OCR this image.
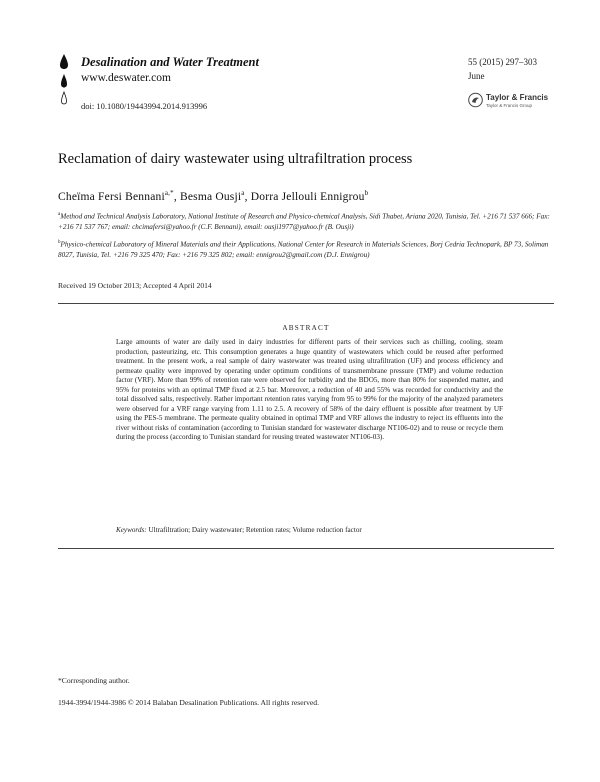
Desalination and Water Treatment
www.deswater.com
doi: 10.1080/19443994.2014.913996
55 (2015) 297–303
June
Taylor & Francis
Taylor & Francis Group
Reclamation of dairy wastewater using ultrafiltration process
Cheïma Fersi Bennani$^{a,*}$, Besma Ousji$^a$, Dorra Jellouli Ennigrou$^b$
$^a$Method and Technical Analysis Laboratory, National Institute of Research and Physico-chemical Analysis, Sidi Thabet, Ariana 2020, Tunisia, Tel. +216 71 537 666; Fax: +216 71 537 767; email: chcimafersi@yahoo.fr (C.F. Bennani), email: ousji1977@yahoo.fr (B. Ousji)
$^b$Physico-chemical Laboratory of Mineral Materials and their Applications, National Center for Research in Materials Sciences, Borj Cedria Technopark, BP 73, Soliman 8027, Tunisia, Tel. +216 79 325 470; Fax: +216 79 325 802; email: ennigrou2@gmail.com (D.J. Ennigrou)
Received 19 October 2013; Accepted 4 April 2014
ABSTRACT
Large amounts of water are daily used in dairy industries for different parts of their services such as chilling, cooling, steam production, pasteurizing, etc. This consumption generates a huge quantity of wastewaters which could be reused after performed treatment. In the present work, a real sample of dairy wastewater was treated using ultrafiltration (UF) and process efficiency and permeate quality were improved by operating under optimum conditions of transmembrane pressure (TMP) and volume reduction factor (VRF). More than 99% of retention rate were observed for turbidity and the BDO5, more than 80% for suspended matter, and 95% for proteins with an optimal TMP fixed at 2.5 bar. Moreover, a reduction of 40 and 55% was recorded for conductivity and the total dissolved salts, respectively. Rather important retention rates varying from 95 to 99% for the majority of the analyzed parameters were observed for a VRF range varying from 1.11 to 2.5. A recovery of 58% of the dairy effluent is possible after treatment by UF using the PES-5 membrane. The permeate quality obtained in optimal TMP and VRF allows the industry to reject its effluents into the river without risks of contamination (according to Tunisian standard for wastewater discharge NT106-02) and to reuse or recycle them during the process (according to Tunisian standard for reusing treated wastewater NT106-03).
Keywords: Ultrafiltration; Dairy wastewater; Retention rates; Volume reduction factor
*Corresponding author.
1944-3994/1944-3986 © 2014 Balaban Desalination Publications. All rights reserved.
